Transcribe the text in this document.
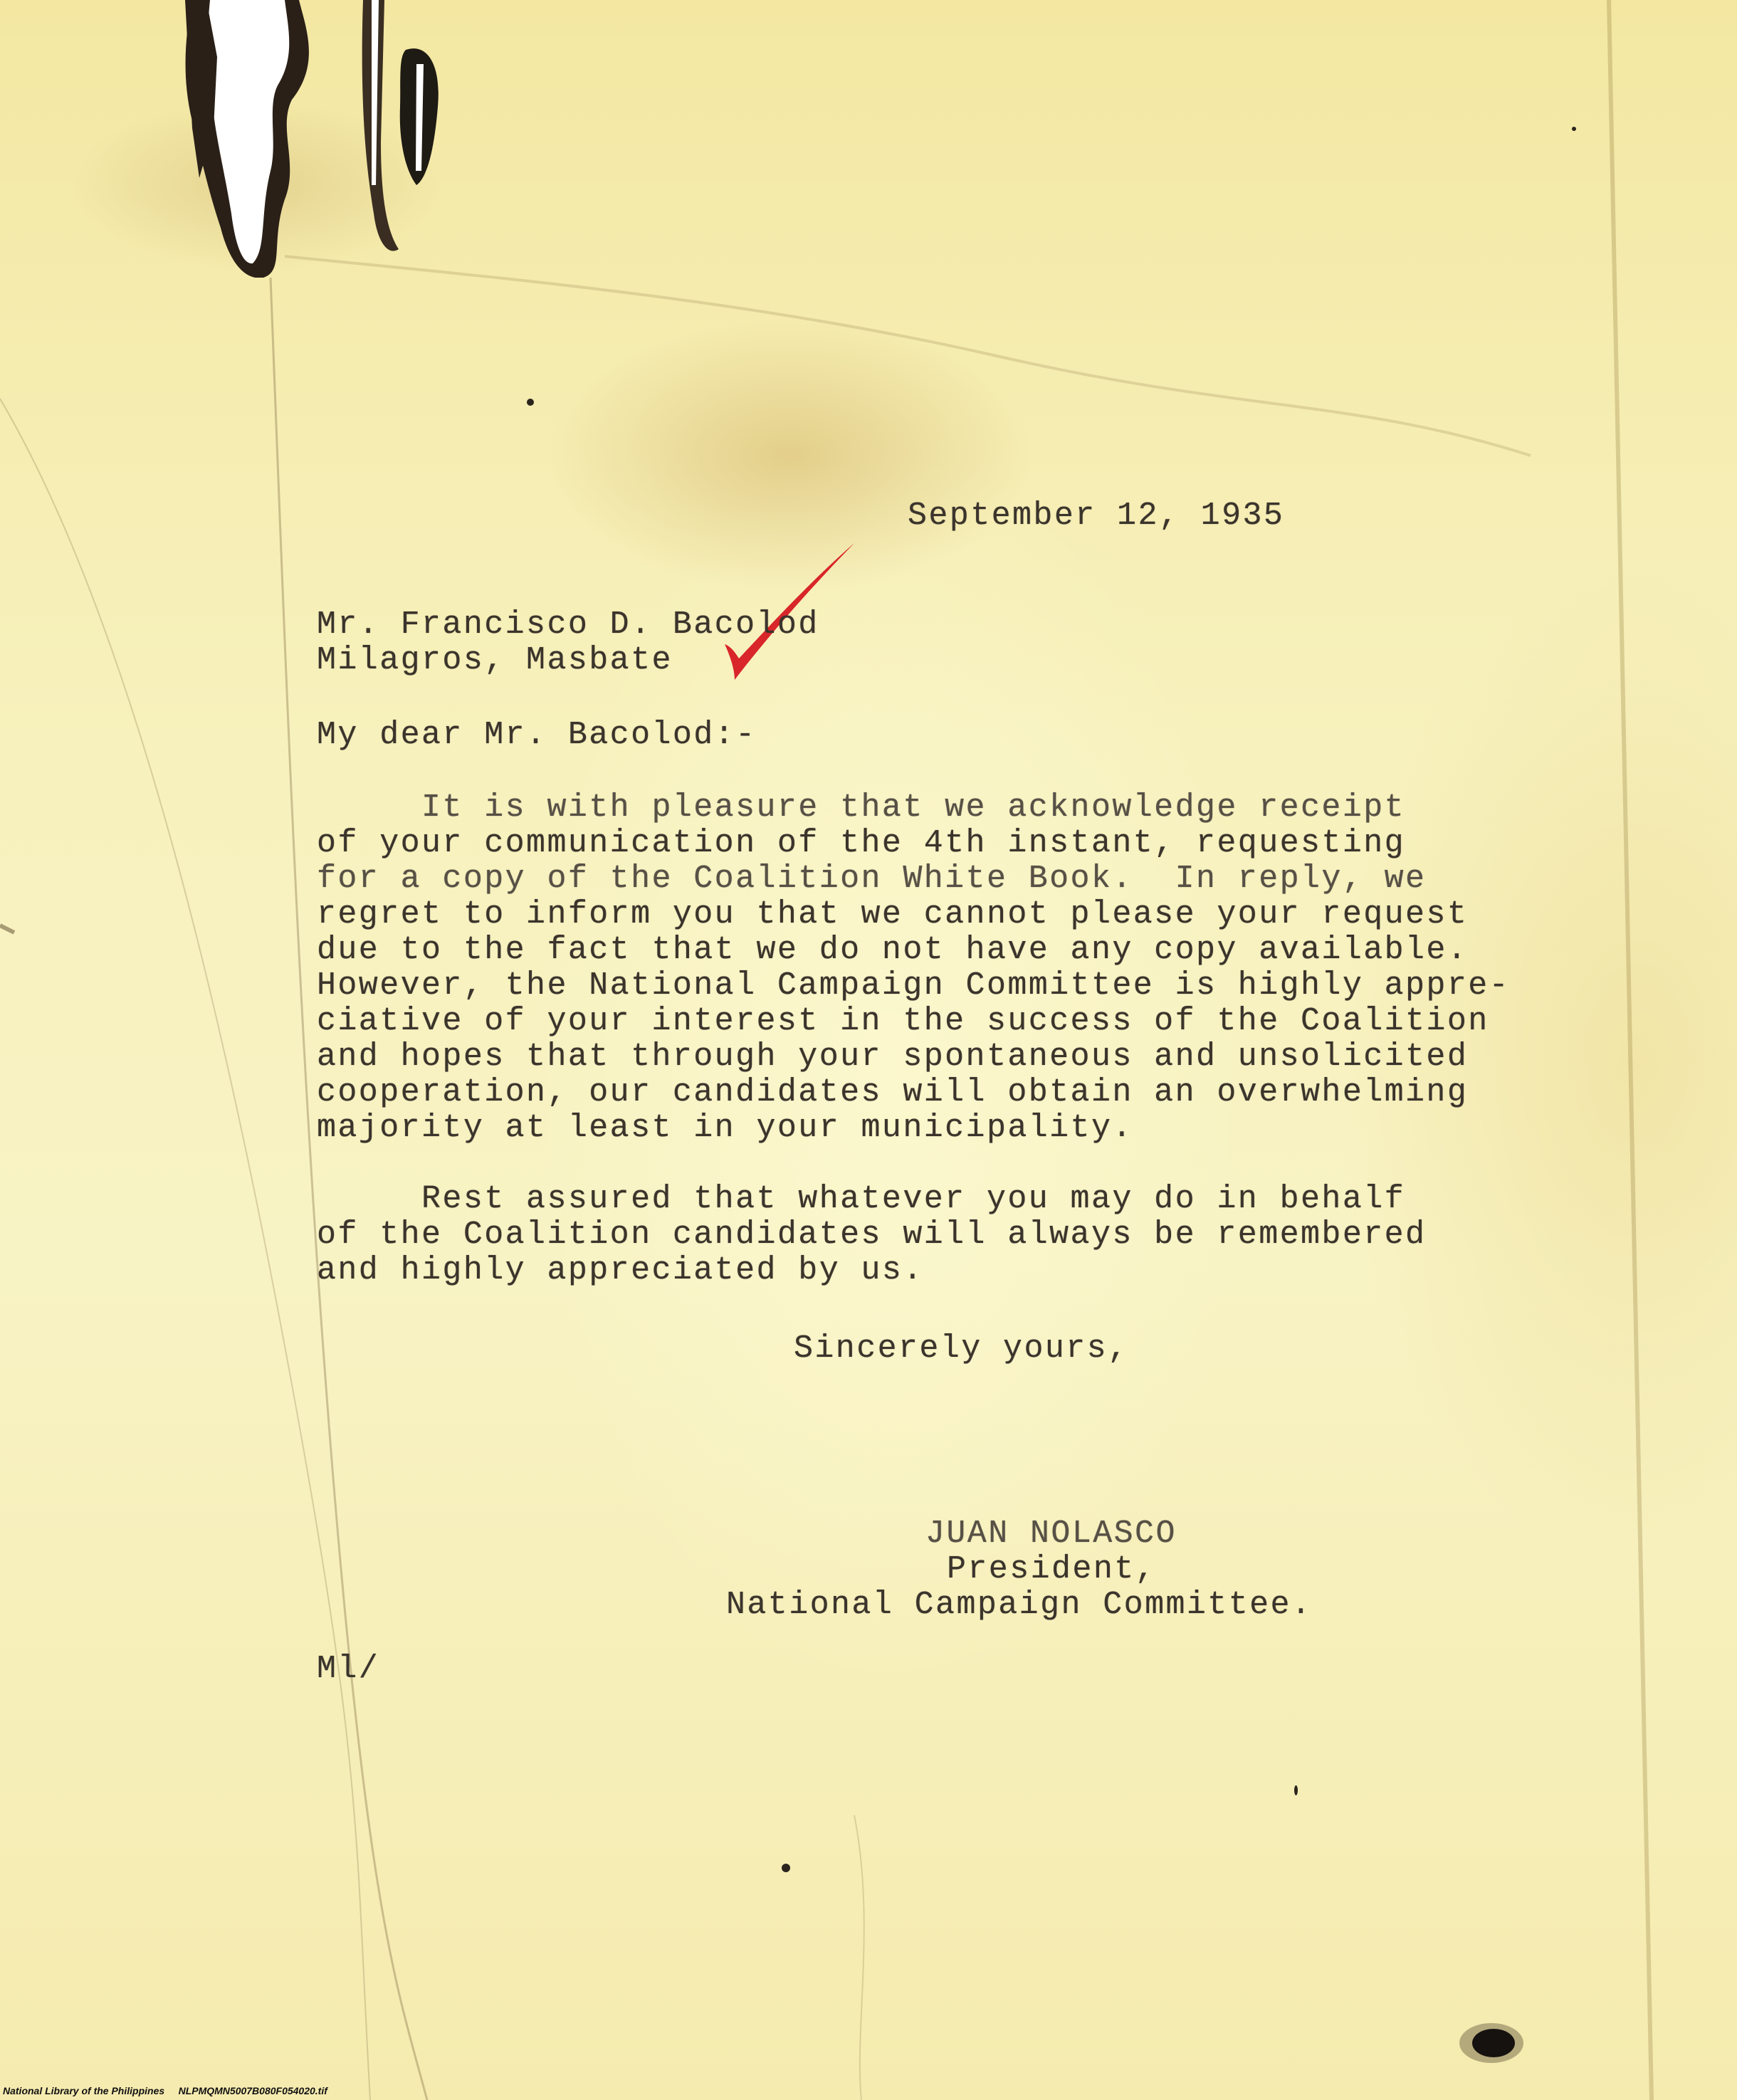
September 12, 1935
Mr. Francisco D. Bacolod
Milagros, Masbate
My dear Mr. Bacolod:-
It is with pleasure that we acknowledge receipt
of your communication of the 4th instant, requesting
for a copy of the Coalition White Book.  In reply, we
regret to inform you that we cannot please your request
due to the fact that we do not have any copy available.
However, the National Campaign Committee is highly appre-
ciative of your interest in the success of the Coalition
and hopes that through your spontaneous and unsolicited
cooperation, our candidates will obtain an overwhelming
majority at least in your municipality.
Rest assured that whatever you may do in behalf
of the Coalition candidates will always be remembered
and highly appreciated by us.
Sincerely yours,
JUAN NOLASCO
President,
National Campaign Committee.
Ml/
National Library of the Philippines     NLPMQMN5007B080F054020.tif
